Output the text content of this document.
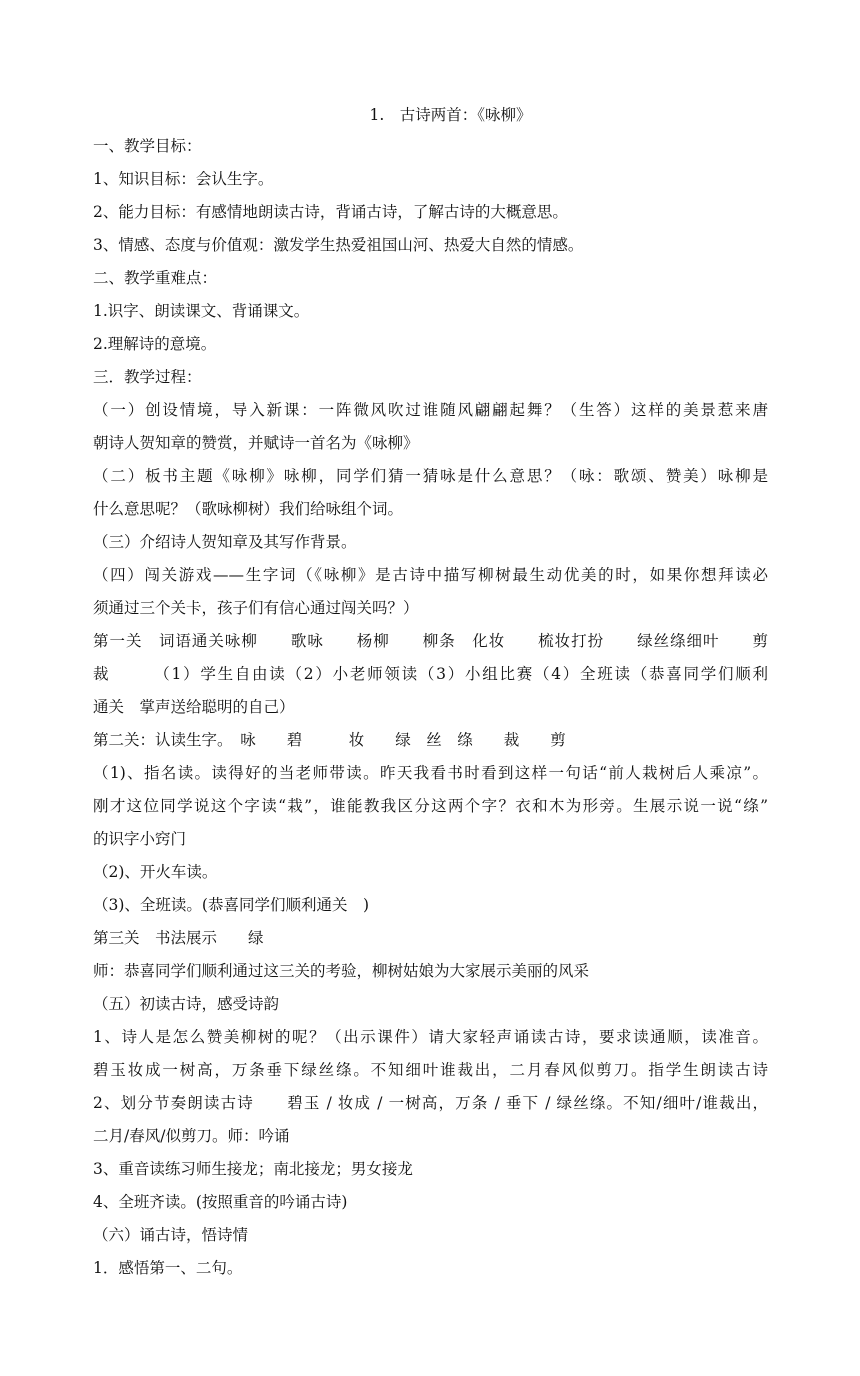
1.　古诗两首：《咏柳》
一、教学目标：
1、知识目标：会认生字。
2、能力目标：有感情地朗读古诗，背诵古诗，了解古诗的大概意思。
3、情感、态度与价值观：激发学生热爱祖国山河、热爱大自然的情感。
二、教学重难点：
1.识字、朗读课文、背诵课文。
2.理解诗的意境。
三．教学过程：
（一）创设情境，导入新课：一阵微风吹过谁随风翩翩起舞？（生答）这样的美景惹来唐
朝诗人贺知章的赞赏，并赋诗一首名为《咏柳》
（二）板书主题《咏柳》咏柳，同学们猜一猜咏是什么意思？（咏：歌颂、赞美）咏柳是
什么意思呢？（歌咏柳树）我们给咏组个词。
（三）介绍诗人贺知章及其写作背景。
（四）闯关游戏——生字词（《咏柳》是古诗中描写柳树最生动优美的时，如果你想拜读必
须通过三个关卡，孩子们有信心通过闯关吗？）
第一关　词语通关咏柳　　歌咏　　杨柳　　柳条　化妆　　梳妆打扮　　绿丝绦细叶　　剪
裁　　　（1）学生自由读（2）小老师领读（3）小组比赛（4）全班读（恭喜同学们顺利
通关　掌声送给聪明的自己）
第二关：认读生字。　咏　　碧　　　妆　　绿　丝　绦　　裁　　剪
（1)、指名读。读得好的当老师带读。昨天我看书时看到这样一句话“前人栽树后人乘凉”。
刚才这位同学说这个字读“栽”，谁能教我区分这两个字？衣和木为形旁。生展示说一说“绦”
的识字小窍门
（2)、开火车读。
（3)、全班读。(恭喜同学们顺利通关　)
第三关　书法展示　　绿
师：恭喜同学们顺利通过这三关的考验，柳树姑娘为大家展示美丽的风采
（五）初读古诗，感受诗韵
1、诗人是怎么赞美柳树的呢？（出示课件）请大家轻声诵读古诗，要求读通顺，读准音。
碧玉妆成一树高，万条垂下绿丝绦。不知细叶谁裁出，二月春风似剪刀。指学生朗读古诗
2、划分节奏朗读古诗　　碧玉 / 妆成 / 一树高，万条 / 垂下 / 绿丝绦。不知/细叶/谁裁出，
二月/春风/似剪刀。师：吟诵
3、重音读练习师生接龙；南北接龙；男女接龙
4、全班齐读。(按照重音的吟诵古诗)
（六）诵古诗，悟诗情
1．感悟第一、二句。
